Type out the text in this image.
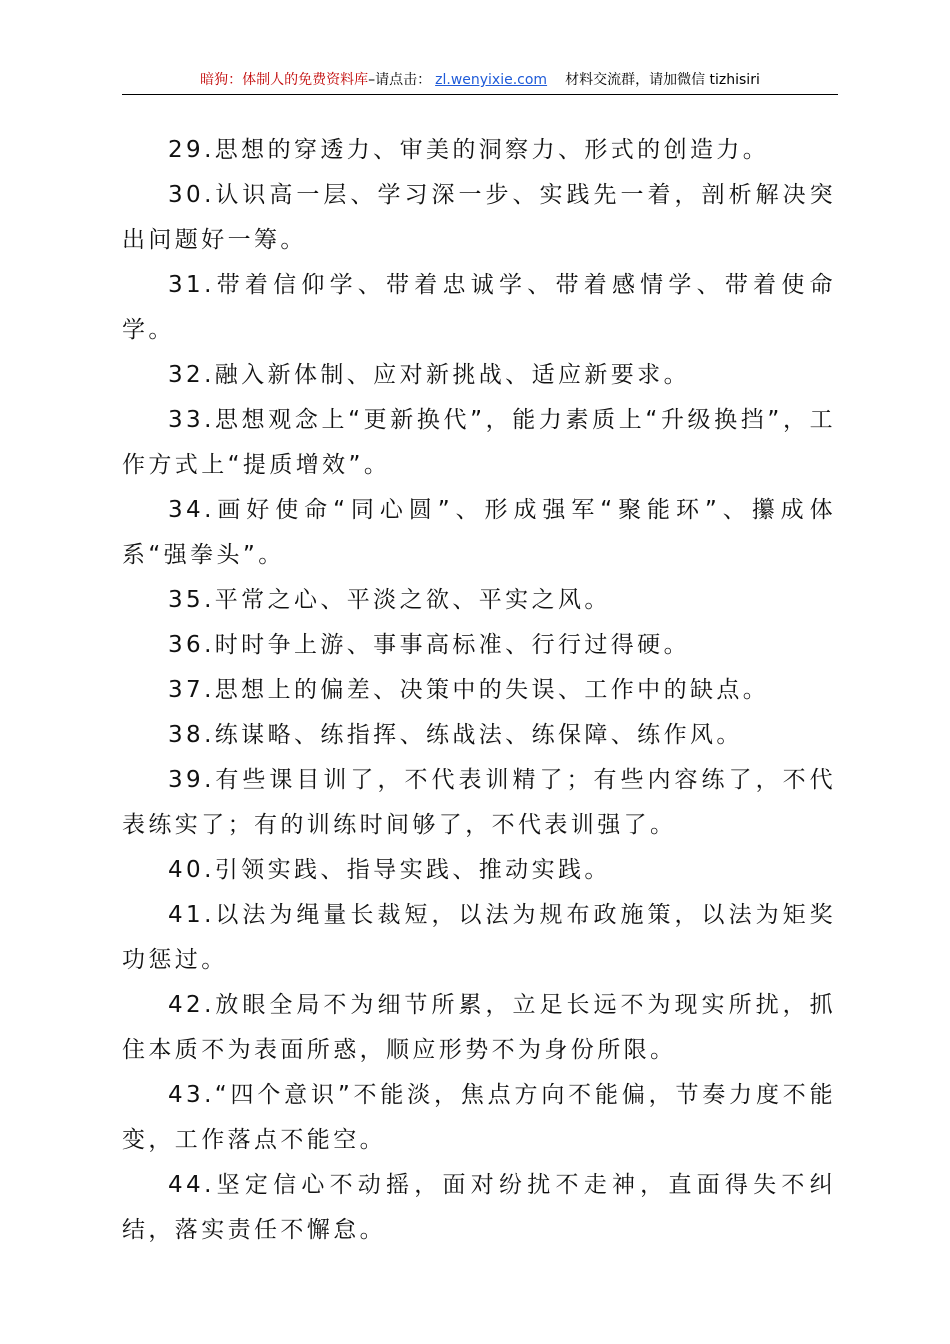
暗狗：体制人的免费资料库–请点击： zl.wenyixie.com 材料交流群，请加微信 tizhisiri

29.思想的穿透力、审美的洞察力、形式的创造力。

30.认识高一层、学习深一步、实践先一着，剖析解决突出问题好一筹。

31.带着信仰学、带着忠诚学、带着感情学、带着使命学。

32.融入新体制、应对新挑战、适应新要求。

33.思想观念上“更新换代”，能力素质上“升级换挡”，工作方式上“提质增效”。

34.画好使命“同心圆”、形成强军“聚能环”、攥成体系“强拳头”。

35.平常之心、平淡之欲、平实之风。

36.时时争上游、事事高标准、行行过得硬。

37.思想上的偏差、决策中的失误、工作中的缺点。

38.练谋略、练指挥、练战法、练保障、练作风。

39.有些课目训了，不代表训精了；有些内容练了，不代表练实了；有的训练时间够了，不代表训强了。

40.引领实践、指导实践、推动实践。

41.以法为绳量长裁短，以法为规布政施策，以法为矩奖功惩过。

42.放眼全局不为细节所累，立足长远不为现实所扰，抓住本质不为表面所惑，顺应形势不为身份所限。

43.“四个意识”不能淡，焦点方向不能偏，节奏力度不能变，工作落点不能空。

44.坚定信心不动摇，面对纷扰不走神，直面得失不纠结，落实责任不懈怠。
